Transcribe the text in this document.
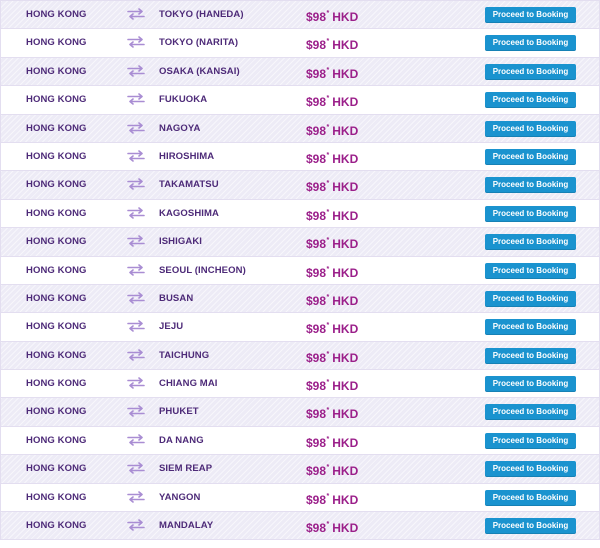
HONG KONG	TOKYO (HANEDA)	$98* HKD	Proceed to Booking
HONG KONG	TOKYO (NARITA)	$98* HKD	Proceed to Booking
HONG KONG	OSAKA (KANSAI)	$98* HKD	Proceed to Booking
HONG KONG	FUKUOKA	$98* HKD	Proceed to Booking
HONG KONG	NAGOYA	$98* HKD	Proceed to Booking
HONG KONG	HIROSHIMA	$98* HKD	Proceed to Booking
HONG KONG	TAKAMATSU	$98* HKD	Proceed to Booking
HONG KONG	KAGOSHIMA	$98* HKD	Proceed to Booking
HONG KONG	ISHIGAKI	$98* HKD	Proceed to Booking
HONG KONG	SEOUL (INCHEON)	$98* HKD	Proceed to Booking
HONG KONG	BUSAN	$98* HKD	Proceed to Booking
HONG KONG	JEJU	$98* HKD	Proceed to Booking
HONG KONG	TAICHUNG	$98* HKD	Proceed to Booking
HONG KONG	CHIANG MAI	$98* HKD	Proceed to Booking
HONG KONG	PHUKET	$98* HKD	Proceed to Booking
HONG KONG	DA NANG	$98* HKD	Proceed to Booking
HONG KONG	SIEM REAP	$98* HKD	Proceed to Booking
HONG KONG	YANGON	$98* HKD	Proceed to Booking
HONG KONG	MANDALAY	$98* HKD	Proceed to Booking
